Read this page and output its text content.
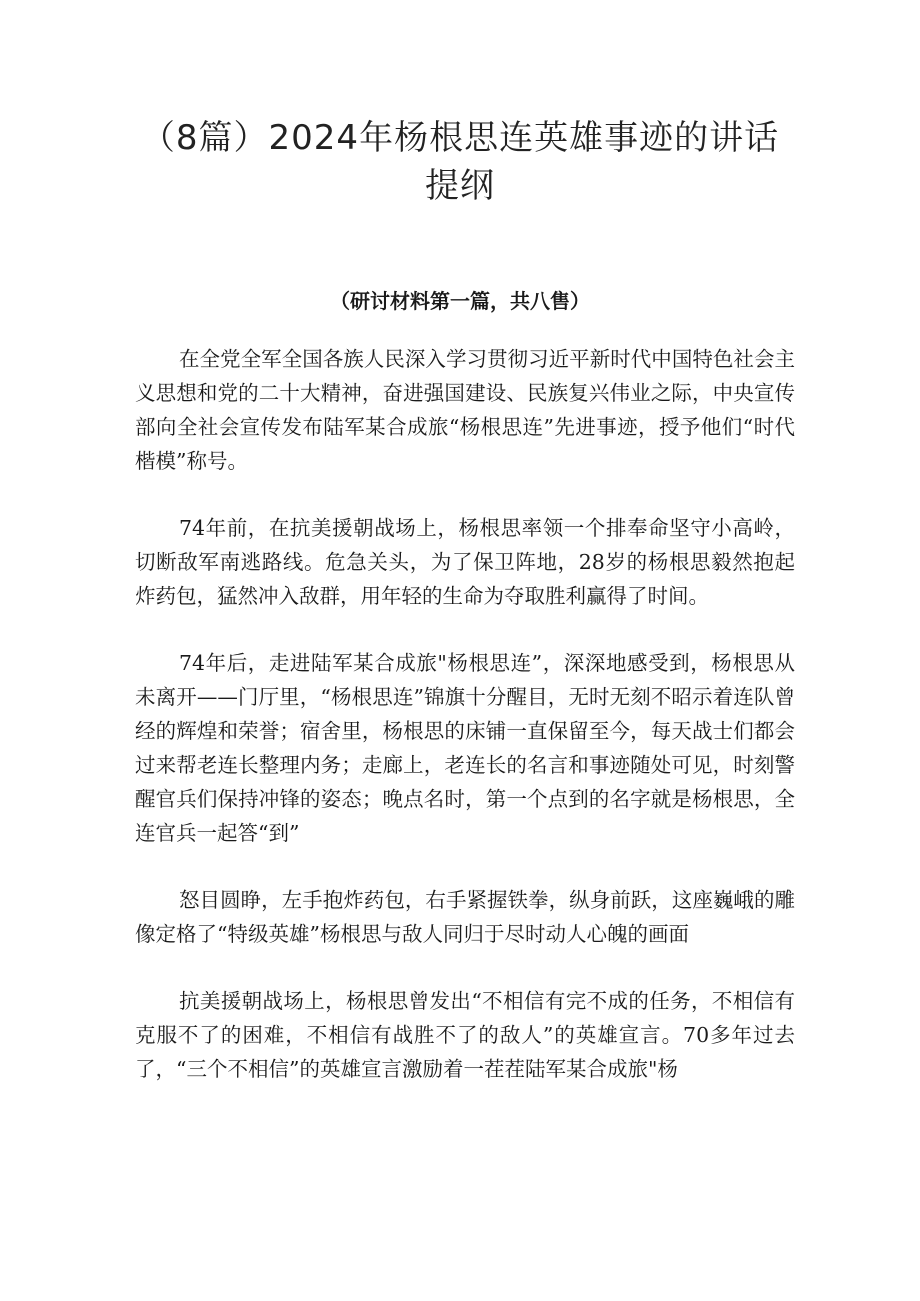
（8篇）2024年杨根思连英雄事迹的讲话提纲
（研讨材料第一篇，共八售）

在全党全军全国各族人民深入学习贯彻习近平新时代中国特色社会主义思想和党的二十大精神，奋进强国建设、民族复兴伟业之际，中央宣传部向全社会宣传发布陆军某合成旅“杨根思连”先进事迹，授予他们“时代楷模”称号。

74年前，在抗美援朝战场上，杨根思率领一个排奉命坚守小高岭，切断敌军南逃路线。危急关头，为了保卫阵地，28岁的杨根思毅然抱起炸药包，猛然冲入敌群，用年轻的生命为夺取胜利赢得了时间。

74年后，走进陆军某合成旅"杨根思连”，深深地感受到，杨根思从未离开——门厅里，“杨根思连”锦旗十分醒目，无时无刻不昭示着连队曾经的辉煌和荣誉；宿舍里，杨根思的床铺一直保留至今，每天战士们都会过来帮老连长整理内务；走廊上，老连长的名言和事迹随处可见，时刻警醒官兵们保持冲锋的姿态；晚点名时，第一个点到的名字就是杨根思，全连官兵一起答“到”

怒目圆睁，左手抱炸药包，右手紧握铁拳，纵身前跃，这座巍峨的雕像定格了“特级英雄”杨根思与敌人同归于尽时动人心魄的画面

抗美援朝战场上，杨根思曾发出“不相信有完不成的任务，不相信有克服不了的困难，不相信有战胜不了的敌人”的英雄宣言。70多年过去了，“三个不相信”的英雄宣言激励着一茬茬陆军某合成旅"杨
